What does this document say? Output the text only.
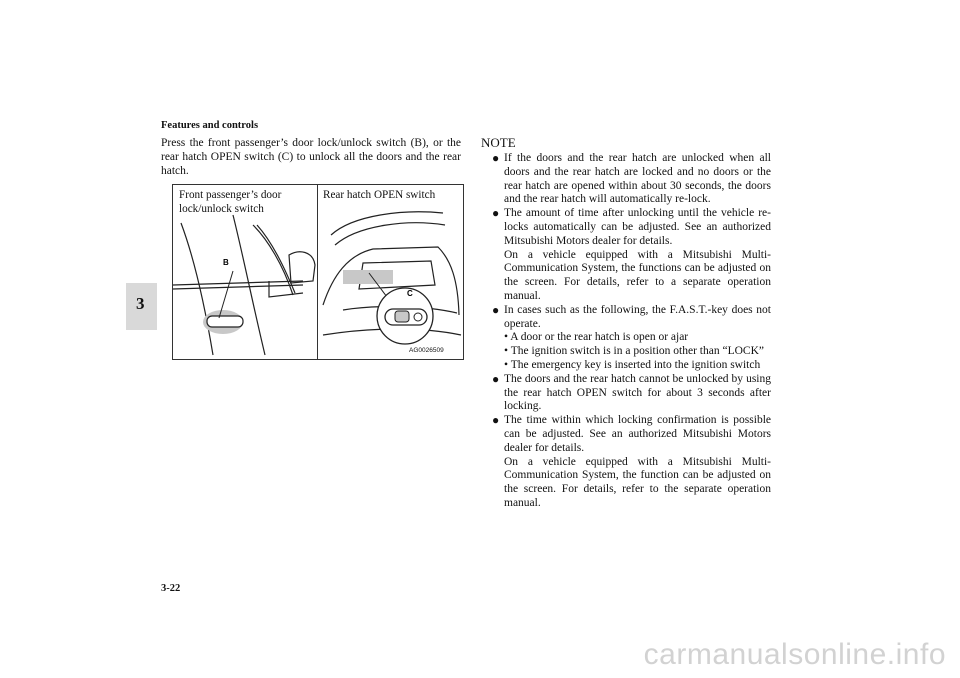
Features and controls
3
Press the front passenger’s door lock/unlock switch (B), or the rear hatch OPEN switch (C) to unlock all the doors and the rear hatch.
B
C
Front passenger’s door lock/unlock switch
Rear hatch OPEN switch
AG0026509
NOTE
● If the doors and the rear hatch are unlocked when all doors and the rear hatch are locked and no doors or the rear hatch are opened within about 30 seconds, the doors and the rear hatch will automatically re-lock.
● The amount of time after unlocking until the vehicle re-locks automatically can be adjusted. See an authorized Mitsubishi Motors dealer for details.
On a vehicle equipped with a Mitsubishi Multi-Communication System, the functions can be adjusted on the screen. For details, refer to a separate operation manual.
● In cases such as the following, the F.A.S.T.-key does not operate.
• A door or the rear hatch is open or ajar
• The ignition switch is in a position other than “LOCK”
• The emergency key is inserted into the ignition switch
● The doors and the rear hatch cannot be unlocked by using the rear hatch OPEN switch for about 3 seconds after locking.
● The time within which locking confirmation is possible can be adjusted. See an authorized Mitsubishi Motors dealer for details.
On a vehicle equipped with a Mitsubishi Multi-Communication System, the function can be adjusted on the screen. For details, refer to the separate operation manual.
3-22
carmanualsonline.info
